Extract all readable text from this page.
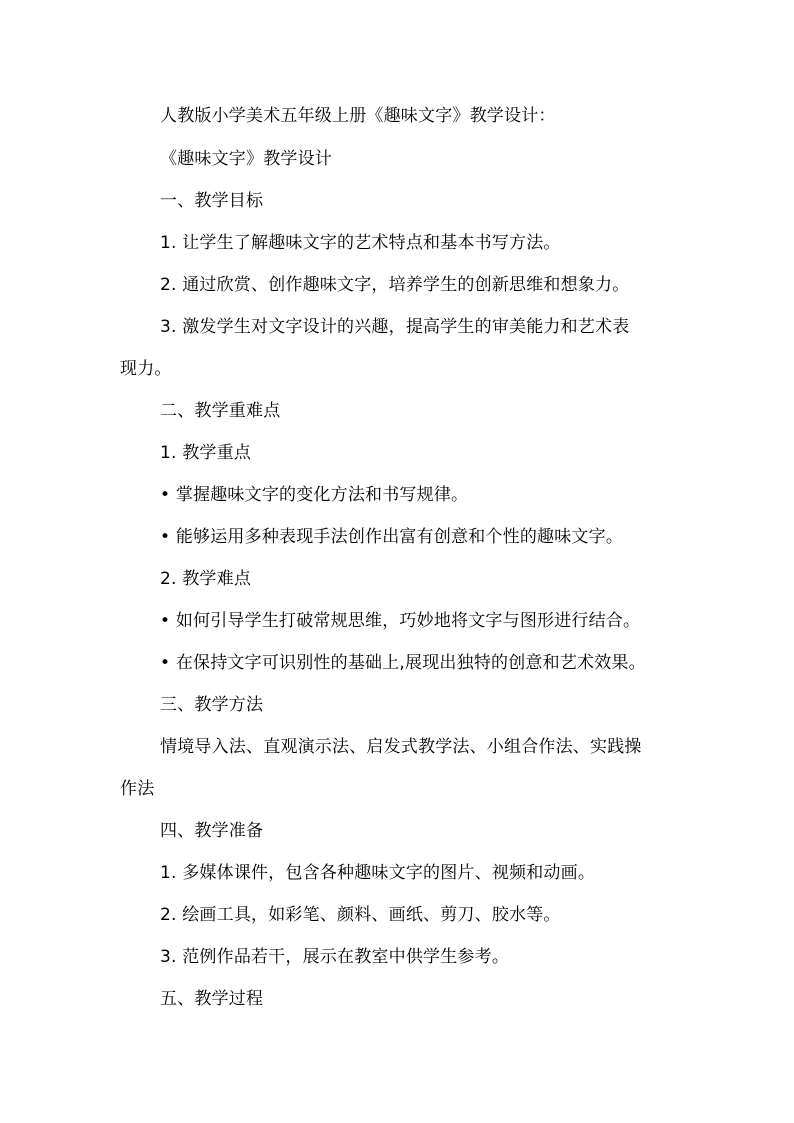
人教版小学美术五年级上册《趣味文字》教学设计：
《趣味文字》教学设计
一、教学目标
1. 让学生了解趣味文字的艺术特点和基本书写方法。
2. 通过欣赏、创作趣味文字，培养学生的创新思维和想象力。
3. 激发学生对文字设计的兴趣，提高学生的审美能力和艺术表
现力。
二、教学重难点
1. 教学重点
• 掌握趣味文字的变化方法和书写规律。
• 能够运用多种表现手法创作出富有创意和个性的趣味文字。
2. 教学难点
• 如何引导学生打破常规思维，巧妙地将文字与图形进行结合。
• 在保持文字可识别性的基础上,展现出独特的创意和艺术效果。
三、教学方法
情境导入法、直观演示法、启发式教学法、小组合作法、实践操
作法
四、教学准备
1. 多媒体课件，包含各种趣味文字的图片、视频和动画。
2. 绘画工具，如彩笔、颜料、画纸、剪刀、胶水等。
3. 范例作品若干，展示在教室中供学生参考。
五、教学过程
